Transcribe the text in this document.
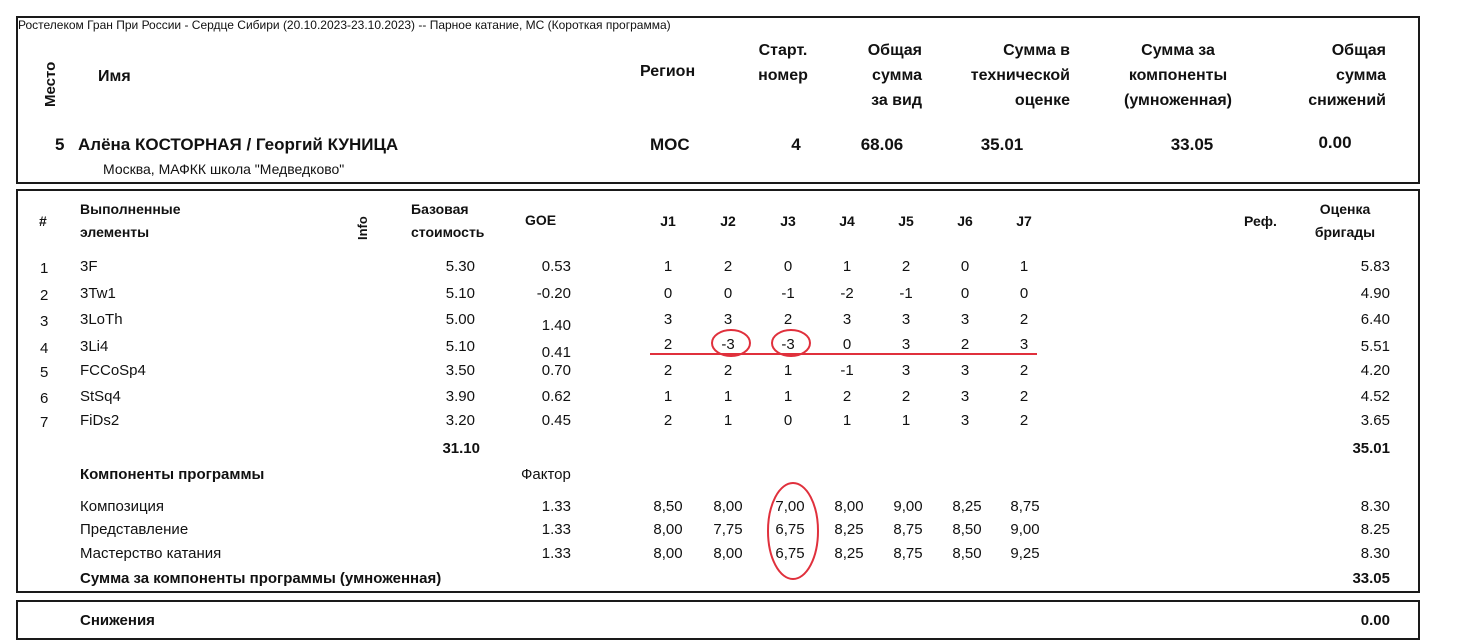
Ростелеком Гран При России - Сердце Сибири (20.10.2023-23.10.2023) -- Парное катание, МС (Короткая программа)
Место Имя	Регион
Старт.
номер
Общая
сумма
за вид
Сумма в
технической
оценке
Сумма за
компоненты
(умноженная)
Общая
сумма
снижений
5 Алёна КОСТОРНАЯ / Георгий КУНИЦА
Москва, МАФКК школа "Медведково"
МОС	4	68.06	35.01	33.05	0.00
#
Выполненные
элементы	Info
Базовая
стоимость
GOE	J1	J2	J3	J4	J5	J6	J7	Реф.
Оценка
бригады
1 3F	5.30	0.53	1	2	0	1	2	0	1	5.83
2 3Tw1	5.10	-0.20	0	0	-1	-2	-1	0	0	4.90
3 3LoTh	5.00	1.40	3	3	2	3	3	3	2	6.40
4 3Li4	5.10	0.41	2	-3	-3	0	3	2	3	5.51
5 FCCoSp4	3.50	0.70	2	2	1	-1	3	3	2	4.20
6 StSq4	3.90	0.62	1	1	1	2	2	3	2	4.52
7 FiDs2	3.20	0.45	2	1	0	1	1	3	2	3.65
31.10	35.01
Компоненты программы	Фактор
Композиция	1.33	8,50	8,00	7,00	8,00	9,00	8,25	8,75	8.30
Представление	1.33	8,00	7,75	6,75	8,25	8,75	8,50	9,00	8.25
Мастерство катания	1.33	8,00	8,00	6,75	8,25	8,75	8,50	9,25	8.30
Сумма за компоненты программы (умноженная)	33.05
Снижения	0.00
